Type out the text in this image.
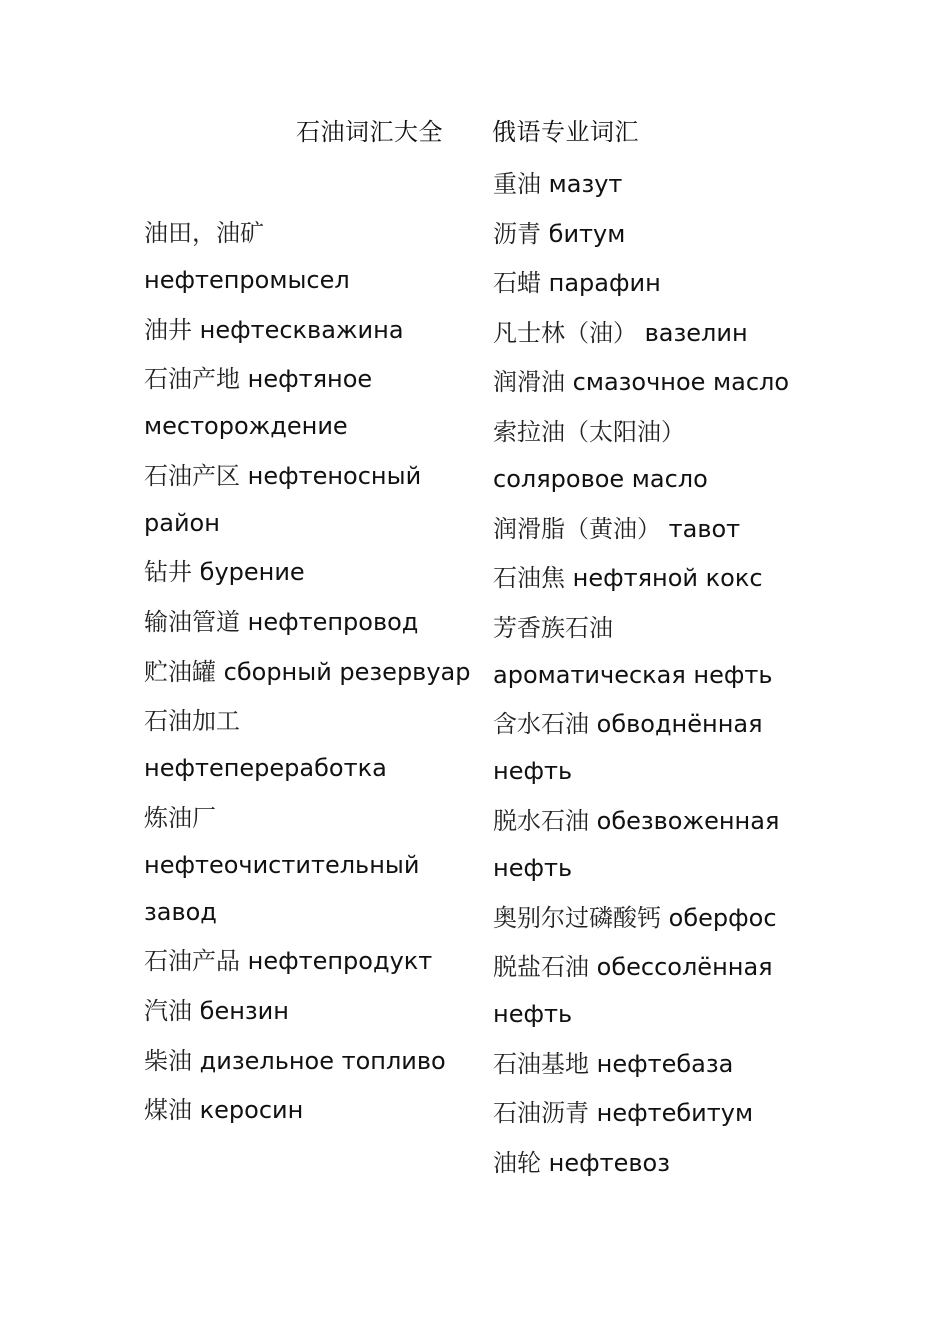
石油词汇大全　　俄语专业词汇
油田，油矿
нефтепромысел
油井 нефтескважина
石油产地 нефтяное месторождение
石油产区 нефтеносный район
钻井 бурение
输油管道 нефтепровод
贮油罐 сборный резервуар
石油加工
нефтепереработка
炼油厂
нефтеочистительный завод
石油产品 нефтепродукт
汽油 бензин
柴油 дизельное топливо
煤油 керосин
重油 мазут
沥青 битум
石蜡 парафин
凡士林（油） вазелин
润滑油 смазочное масло
索拉油（太阳油）
соляровое масло
润滑脂（黄油） тавот
石油焦 нефтяной кокс
芳香族石油
ароматическая нефть
含水石油 обводнённая нефть
脱水石油 обезвоженная нефть
奥别尔过磷酸钙 оберфос
脱盐石油 обессолённая нефть
石油基地 нефтебаза
石油沥青 нефтебитум
油轮 нефтевоз
